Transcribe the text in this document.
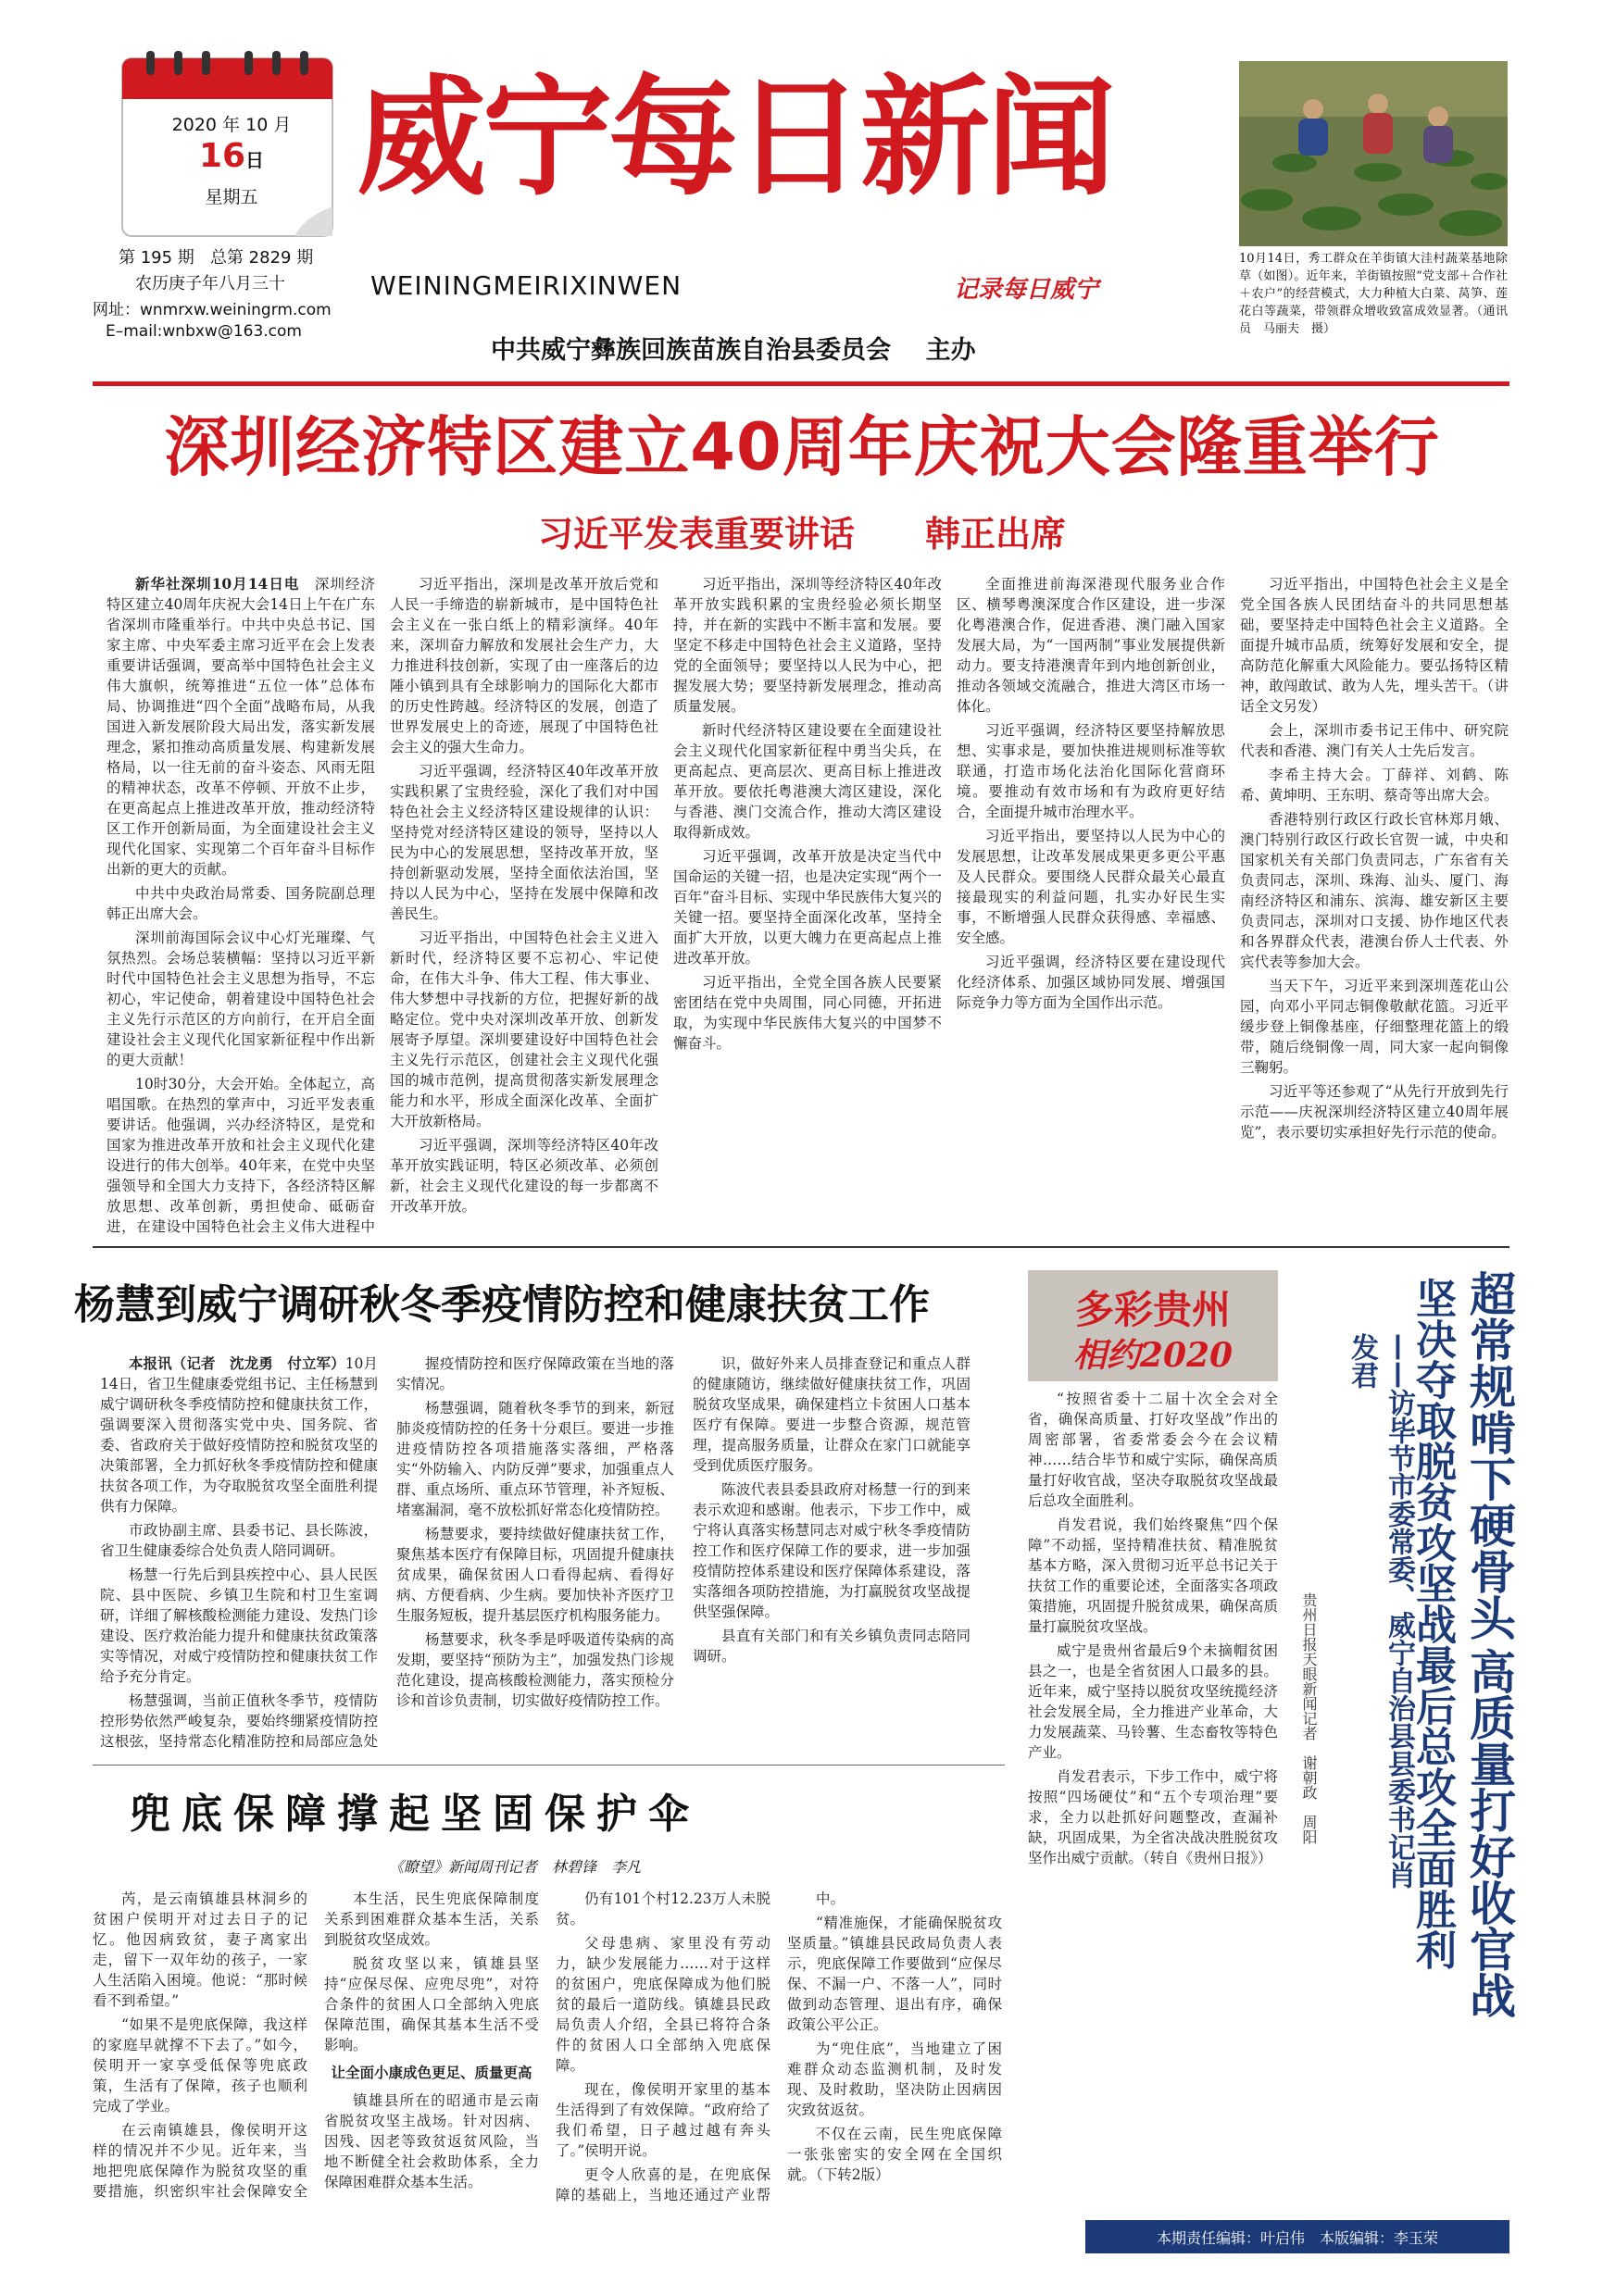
2020 年 10 月
16日
星期五
第 195 期   总第 2829 期
农历庚子年八月三十
网址：wnmrxw.weiningrm.com
E–mail:wnbxw@163.com
威宁每日新闻
WEININGMEIRIXINWEN	记录每日威宁
中共威宁彝族回族苗族自治县委员会    主办
10月14日，秀工群众在羊街镇大洼村蔬菜基地除草（如图）。近年来，羊街镇按照“党支部＋合作社＋农户”的经营模式，大力种植大白菜、莴笋、莲花白等蔬菜，带领群众增收致富成效显著。（通讯员　马丽夫　摄）
深圳经济特区建立40周年庆祝大会隆重举行
习近平发表重要讲话　　韩正出席

新华社深圳10月14日电　深圳经济特区建立40周年庆祝大会14日上午在广东省深圳市隆重举行。中共中央总书记、国家主席、中央军委主席习近平在会上发表重要讲话强调，要高举中国特色社会主义伟大旗帜，统筹推进“五位一体”总体布局、协调推进“四个全面”战略布局，从我国进入新发展阶段大局出发，落实新发展理念，紧扣推动高质量发展、构建新发展格局，以一往无前的奋斗姿态、风雨无阻的精神状态，改革不停顿、开放不止步，在更高起点上推进改革开放，推动经济特区工作开创新局面，为全面建设社会主义现代化国家、实现第二个百年奋斗目标作出新的更大的贡献。

中共中央政治局常委、国务院副总理韩正出席大会。

深圳前海国际会议中心灯光璀璨、气氛热烈。会场总装横幅：坚持以习近平新时代中国特色社会主义思想为指导，不忘初心，牢记使命，朝着建设中国特色社会主义先行示范区的方向前行，在开启全面建设社会主义现代化国家新征程中作出新的更大贡献！

10时30分，大会开始。全体起立，高唱国歌。在热烈的掌声中，习近平发表重要讲话。他强调，兴办经济特区，是党和国家为推进改革开放和社会主义现代化建设进行的伟大创举。40年来，在党中央坚强领导和全国大力支持下，各经济特区解放思想、改革创新，勇担使命、砥砺奋进，在建设中国特色社会主义伟大进程中

习近平指出，深圳是改革开放后党和人民一手缔造的崭新城市，是中国特色社会主义在一张白纸上的精彩演绎。40年来，深圳奋力解放和发展社会生产力，大力推进科技创新，实现了由一座落后的边陲小镇到具有全球影响力的国际化大都市的历史性跨越。经济特区的发展，创造了世界发展史上的奇迹，展现了中国特色社会主义的强大生命力。

习近平强调，经济特区40年改革开放实践积累了宝贵经验，深化了我们对中国特色社会主义经济特区建设规律的认识：坚持党对经济特区建设的领导，坚持以人民为中心的发展思想，坚持改革开放，坚持创新驱动发展，坚持全面依法治国，坚持以人民为中心，坚持在发展中保障和改善民生。

习近平指出，中国特色社会主义进入新时代，经济特区要不忘初心、牢记使命，在伟大斗争、伟大工程、伟大事业、伟大梦想中寻找新的方位，把握好新的战略定位。党中央对深圳改革开放、创新发展寄予厚望。深圳要建设好中国特色社会主义先行示范区，创建社会主义现代化强国的城市范例，提高贯彻落实新发展理念能力和水平，形成全面深化改革、全面扩大开放新格局。

习近平强调，深圳等经济特区40年改革开放实践证明，特区必须改革、必须创新，社会主义现代化建设的每一步都离不开改革开放。

习近平指出，深圳等经济特区40年改革开放实践积累的宝贵经验必须长期坚持，并在新的实践中不断丰富和发展。要坚定不移走中国特色社会主义道路，坚持党的全面领导；要坚持以人民为中心，把握发展大势；要坚持新发展理念，推动高质量发展。

新时代经济特区建设要在全面建设社会主义现代化国家新征程中勇当尖兵，在更高起点、更高层次、更高目标上推进改革开放。要依托粤港澳大湾区建设，深化与香港、澳门交流合作，推动大湾区建设取得新成效。

习近平强调，改革开放是决定当代中国命运的关键一招，也是决定实现“两个一百年”奋斗目标、实现中华民族伟大复兴的关键一招。要坚持全面深化改革，坚持全面扩大开放，以更大魄力在更高起点上推进改革开放。

习近平指出，全党全国各族人民要紧密团结在党中央周围，同心同德，开拓进取，为实现中华民族伟大复兴的中国梦不懈奋斗。

全面推进前海深港现代服务业合作区、横琴粤澳深度合作区建设，进一步深化粤港澳合作，促进香港、澳门融入国家发展大局，为“一国两制”事业发展提供新动力。要支持港澳青年到内地创新创业，推动各领域交流融合，推进大湾区市场一体化。

习近平强调，经济特区要坚持解放思想、实事求是，要加快推进规则标准等软联通，打造市场化法治化国际化营商环境。要推动有效市场和有为政府更好结合，全面提升城市治理水平。

习近平指出，要坚持以人民为中心的发展思想，让改革发展成果更多更公平惠及人民群众。要围绕人民群众最关心最直接最现实的利益问题，扎实办好民生实事，不断增强人民群众获得感、幸福感、安全感。

习近平强调，经济特区要在建设现代化经济体系、加强区域协同发展、增强国际竞争力等方面为全国作出示范。

习近平指出，中国特色社会主义是全党全国各族人民团结奋斗的共同思想基础，要坚持走中国特色社会主义道路。全面提升城市品质，统筹好发展和安全，提高防范化解重大风险能力。要弘扬特区精神，敢闯敢试、敢为人先，埋头苦干。（讲话全文另发）

会上，深圳市委书记王伟中、研究院代表和香港、澳门有关人士先后发言。

李希主持大会。丁薛祥、刘鹤、陈希、黄坤明、王东明、蔡奇等出席大会。

香港特别行政区行政长官林郑月娥、澳门特别行政区行政长官贺一诚，中央和国家机关有关部门负责同志，广东省有关负责同志，深圳、珠海、汕头、厦门、海南经济特区和浦东、滨海、雄安新区主要负责同志，深圳对口支援、协作地区代表和各界群众代表，港澳台侨人士代表、外宾代表等参加大会。

当天下午，习近平来到深圳莲花山公园，向邓小平同志铜像敬献花篮。习近平缓步登上铜像基座，仔细整理花篮上的缎带，随后绕铜像一周，同大家一起向铜像三鞠躬。

习近平等还参观了“从先行开放到先行示范——庆祝深圳经济特区建立40周年展览”，表示要切实承担好先行示范的使命。

杨慧到威宁调研秋冬季疫情防控和健康扶贫工作

本报讯（记者　沈龙勇　付立军）10月14日，省卫生健康委党组书记、主任杨慧到威宁调研秋冬季疫情防控和健康扶贫工作，强调要深入贯彻落实党中央、国务院、省委、省政府关于做好疫情防控和脱贫攻坚的决策部署，全力抓好秋冬季疫情防控和健康扶贫各项工作，为夺取脱贫攻坚全面胜利提供有力保障。

市政协副主席、县委书记、县长陈波，省卫生健康委综合处负责人陪同调研。

杨慧一行先后到县疾控中心、县人民医院、县中医院、乡镇卫生院和村卫生室调研，详细了解核酸检测能力建设、发热门诊建设、医疗救治能力提升和健康扶贫政策落实等情况，对威宁疫情防控和健康扶贫工作给予充分肯定。

杨慧强调，当前正值秋冬季节，疫情防控形势依然严峻复杂，要始终绷紧疫情防控这根弦，坚持常态化精准防控和局部应急处

握疫情防控和医疗保障政策在当地的落实情况。

杨慧强调，随着秋冬季节的到来，新冠肺炎疫情防控的任务十分艰巨。要进一步推进疫情防控各项措施落实落细，严格落实“外防输入、内防反弹”要求，加强重点人群、重点场所、重点环节管理，补齐短板、堵塞漏洞，毫不放松抓好常态化疫情防控。

杨慧要求，要持续做好健康扶贫工作，聚焦基本医疗有保障目标，巩固提升健康扶贫成果，确保贫困人口看得起病、看得好病、方便看病、少生病。要加快补齐医疗卫生服务短板，提升基层医疗机构服务能力。

杨慧要求，秋冬季是呼吸道传染病的高发期，要坚持“预防为主”，加强发热门诊规范化建设，提高核酸检测能力，落实预检分诊和首诊负责制，切实做好疫情防控工作。

识，做好外来人员排查登记和重点人群的健康随访，继续做好健康扶贫工作，巩固脱贫攻坚成果，确保建档立卡贫困人口基本医疗有保障。要进一步整合资源，规范管理，提高服务质量，让群众在家门口就能享受到优质医疗服务。

陈波代表县委县政府对杨慧一行的到来表示欢迎和感谢。他表示，下步工作中，威宁将认真落实杨慧同志对威宁秋冬季疫情防控工作和医疗保障工作的要求，进一步加强疫情防控体系建设和医疗保障体系建设，落实落细各项防控措施，为打赢脱贫攻坚战提供坚强保障。

县直有关部门和有关乡镇负责同志陪同调研。

兜底保障撑起坚固保护伞
《瞭望》新闻周刊记者　林碧锋　李凡

芮，是云南镇雄县林洞乡的贫困户侯明开对过去日子的记忆。他因病致贫，妻子离家出走，留下一双年幼的孩子，一家人生活陷入困境。他说：“那时候看不到希望。”

“如果不是兜底保障，我这样的家庭早就撑不下去了。”如今，侯明开一家享受低保等兜底政策，生活有了保障，孩子也顺利完成了学业。

在云南镇雄县，像侯明开这样的情况并不少见。近年来，当地把兜底保障作为脱贫攻坚的重要措施，织密织牢社会保障安全

本生活，民生兜底保障制度关系到困难群众基本生活，关系到脱贫攻坚成效。

脱贫攻坚以来，镇雄县坚持“应保尽保、应兜尽兜”，对符合条件的贫困人口全部纳入兜底保障范围，确保其基本生活不受影响。

让全面小康成色更足、质量更高

镇雄县所在的昭通市是云南省脱贫攻坚主战场。针对因病、因残、因老等致贫返贫风险，当地不断健全社会救助体系，全力保障困难群众基本生活。

仍有101个村12.23万人未脱贫。

父母患病、家里没有劳动力，缺少发展能力……对于这样的贫困户，兜底保障成为他们脱贫的最后一道防线。镇雄县民政局负责人介绍，全县已将符合条件的贫困人口全部纳入兜底保障。

现在，像侯明开家里的基本生活得到了有效保障。“政府给了我们希望，日子越过越有奔头了。”侯明开说。

更令人欣喜的是，在兜底保障的基础上，当地还通过产业帮

中。

“精准施保，才能确保脱贫攻坚质量。”镇雄县民政局负责人表示，兜底保障工作要做到“应保尽保、不漏一户、不落一人”，同时做到动态管理、退出有序，确保政策公平公正。

为“兜住底”，当地建立了困难群众动态监测机制，及时发现、及时救助，坚决防止因病因灾致贫返贫。

不仅在云南，民生兜底保障一张张密实的安全网在全国织就。（下转2版）

多彩贵州
相约2020

“按照省委十二届十次全会对全省，确保高质量、打好攻坚战”作出的周密部署，省委常委会今在会议精神……结合毕节和威宁实际，确保高质量打好收官战，坚决夺取脱贫攻坚战最后总攻全面胜利。

肖发君说，我们始终聚焦“四个保障”不动摇，坚持精准扶贫、精准脱贫基本方略，深入贯彻习近平总书记关于扶贫工作的重要论述，全面落实各项政策措施，巩固提升脱贫成果，确保高质量打赢脱贫攻坚战。

威宁是贵州省最后9个未摘帽贫困县之一，也是全省贫困人口最多的县。近年来，威宁坚持以脱贫攻坚统揽经济社会发展全局，全力推进产业革命，大力发展蔬菜、马铃薯、生态畜牧等特色产业。

肖发君表示，下步工作中，威宁将按照“四场硬仗”和“五个专项治理”要求，全力以赴抓好问题整改，查漏补缺，巩固成果，为全省决战决胜脱贫攻坚作出威宁贡献。（转自《贵州日报》）

超常规啃下硬骨头
坚决夺取脱贫攻坚战最后总攻全面胜利 高质量打好收官战
——访毕节市委常委、威宁自治县县委书记肖发君
贵州日报天眼新闻记者　谢朝政　周阳
本期责任编辑：叶启伟　本版编辑：李玉荣
